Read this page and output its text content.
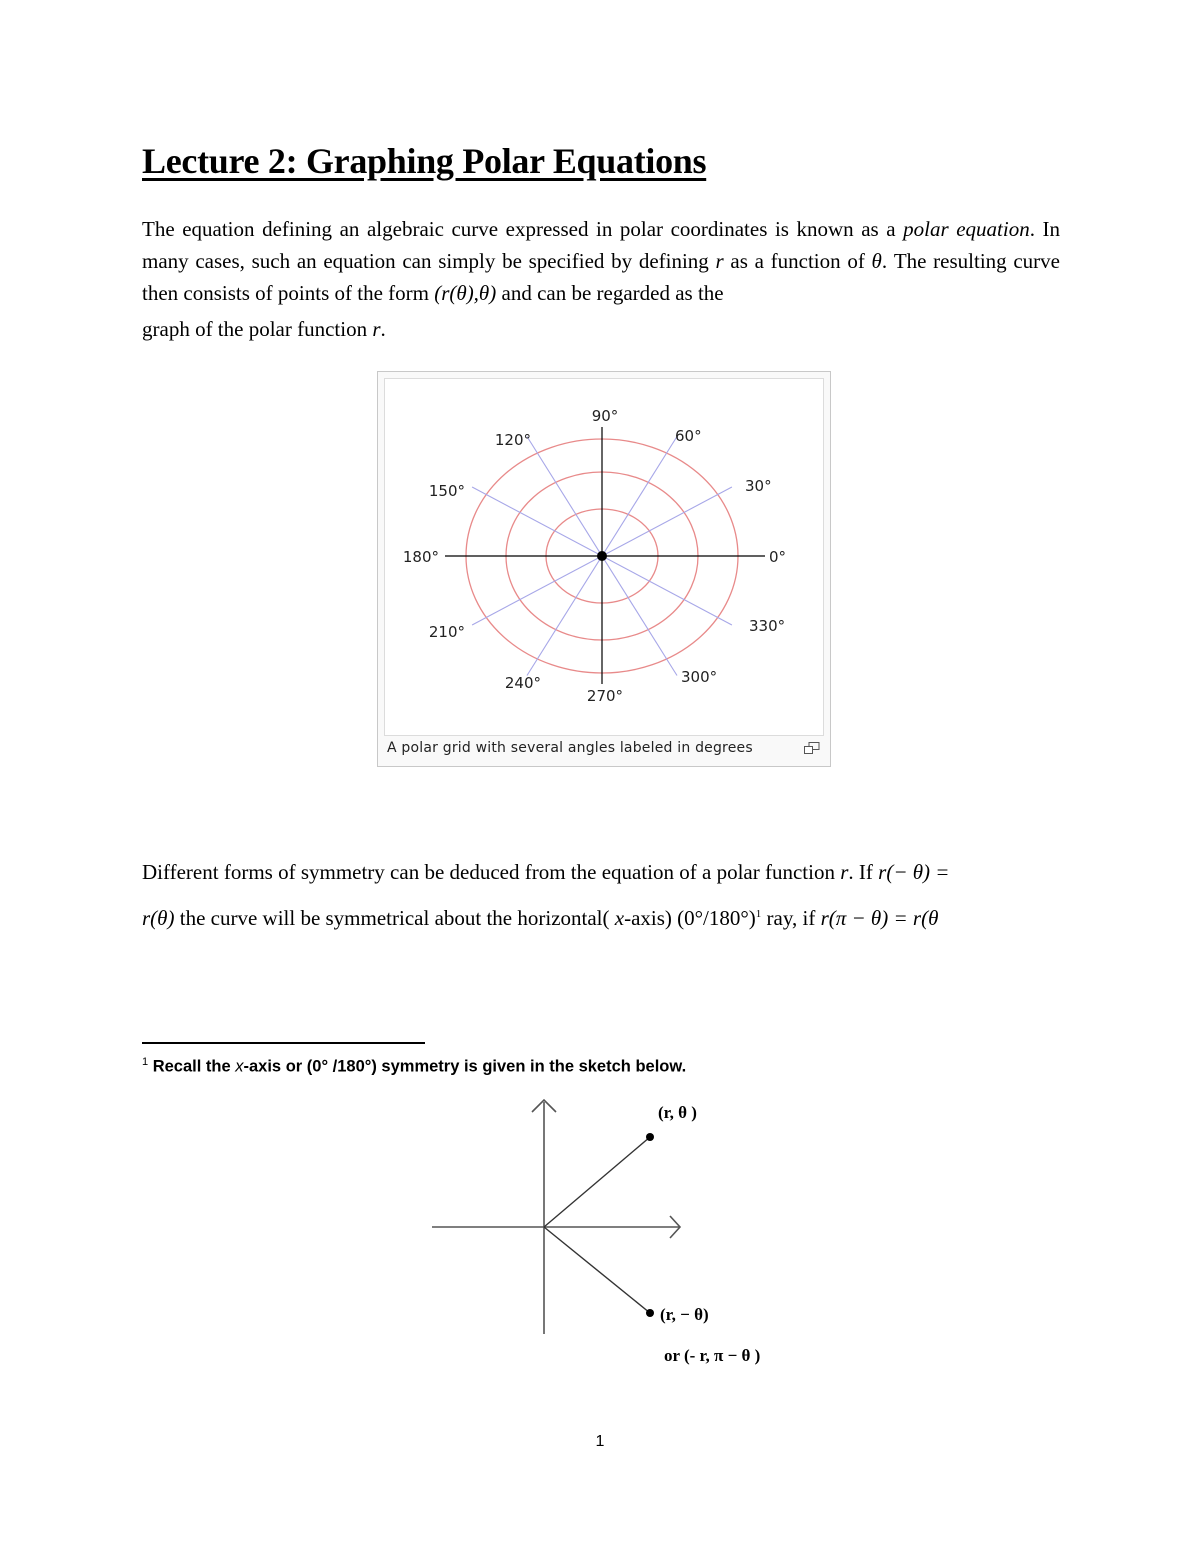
Lecture 2: Graphing Polar Equations

The equation defining an algebraic curve expressed in polar coordinates is known as a polar equation. In many cases, such an equation can simply be specified by defining r as a function of θ. The resulting curve then consists of points of the form (r(θ),θ) and can be regarded as the
graph of the polar function r.

0°
30°
60°
90°
120°
150°
180°
210°
240°
270°
300°
330°
A polar grid with several angles labeled in degrees

Different forms of symmetry can be deduced from the equation of a polar function r. If r(− θ) =
r(θ) the curve will be symmetrical about the horizontal( x-axis) $(0^\circ/180^\circ)^1$ ray, if r(π − θ) = r(θ

$^1$ Recall the x-axis or (0° /180°) symmetry is given in the sketch below.

(r, θ )
(r, − θ)
or (- r, π − θ )
1
